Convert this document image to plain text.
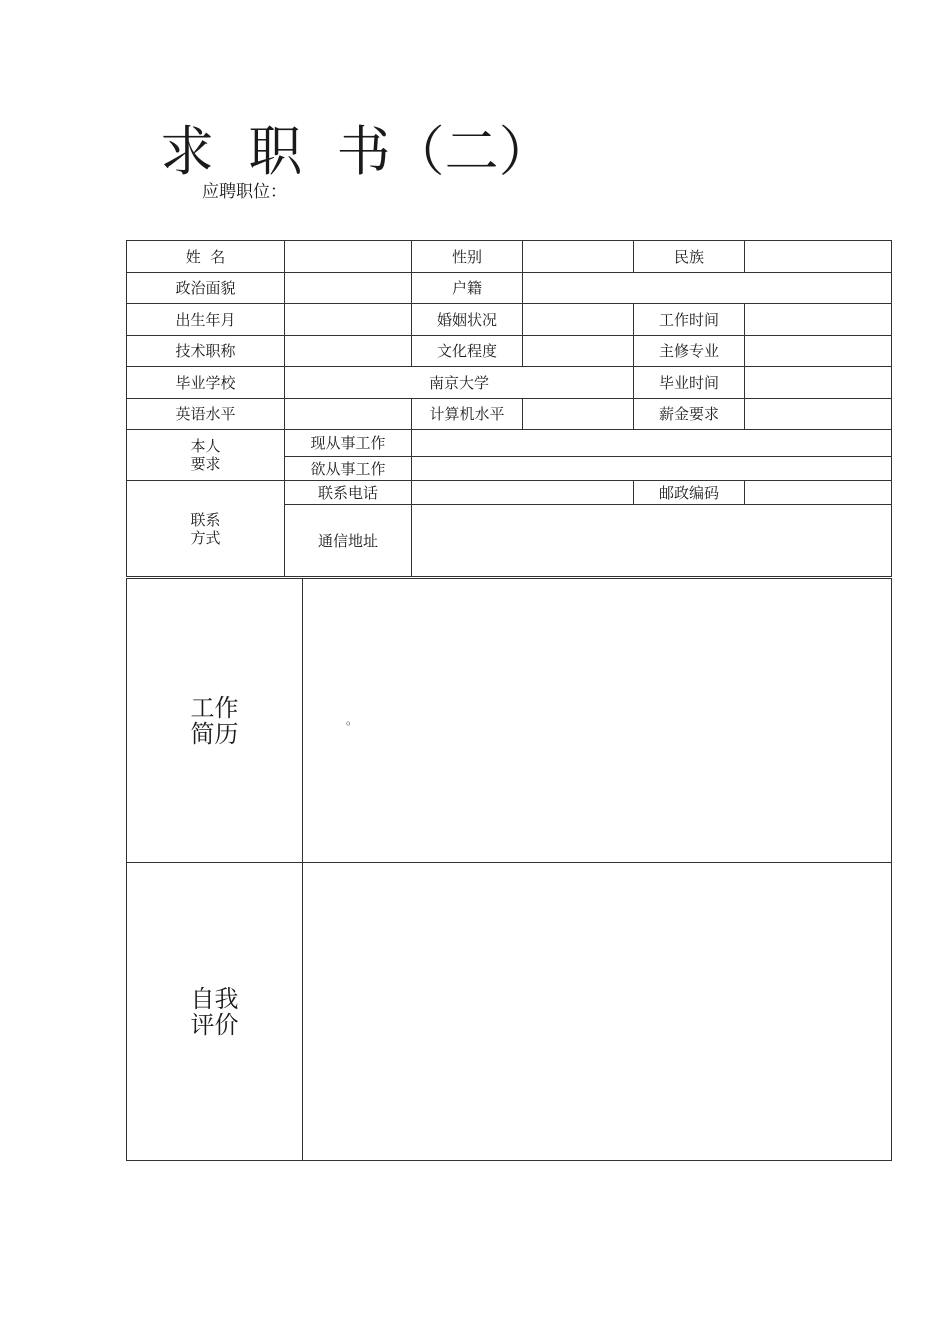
求  职  书（二）
应聘职位：
姓  名		性别		民族	
政治面貌		户籍			
出生年月		婚姻状况		工作时间	
技术职称		文化程度		主修专业	
毕业学校	南京大学			毕业时间	
英语水平		计算机水平		薪金要求	

本人
要求	现从事工作				
	欲从事工作				

联系
方式	联系电话			邮政编码	
	通信地址				
工作
简历	。

自我
评价	
